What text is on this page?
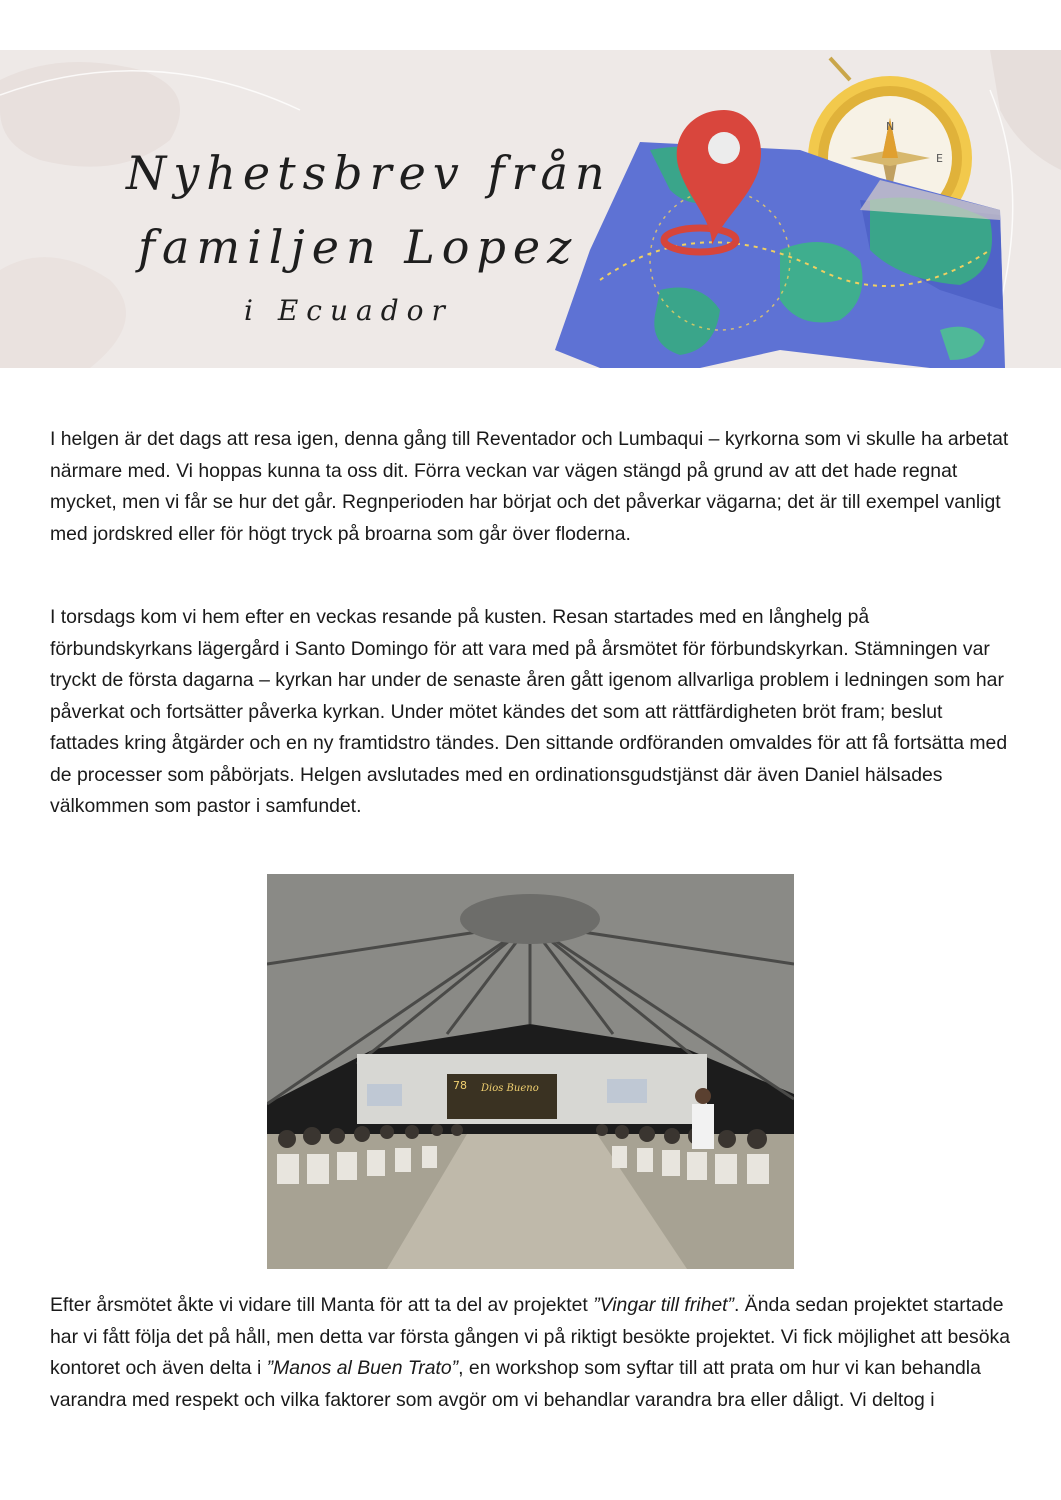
N
E
Nyhetsbrev från
familjen Lopez
i Ecuador

I helgen är det dags att resa igen, denna gång till Reventador och Lumbaqui – kyrkorna som vi skulle ha arbetat närmare med. Vi hoppas kunna ta oss dit. Förra veckan var vägen stängd på grund av att det hade regnat mycket, men vi får se hur det går. Regnperioden har börjat och det påverkar vägarna; det är till exempel vanligt med jordskred eller för högt tryck på broarna som går över floderna.

I torsdags kom vi hem efter en veckas resande på kusten. Resan startades med en långhelg på förbundskyrkans lägergård i Santo Domingo för att vara med på årsmötet för förbundskyrkan. Stämningen var tryckt de första dagarna – kyrkan har under de senaste åren gått igenom allvarliga problem i ledningen som har påverkat och fortsätter påverka kyrkan. Under mötet kändes det som att rättfärdigheten bröt fram; beslut fattades kring åtgärder och en ny framtidstro tändes. Den sittande ordföranden omvaldes för att få fortsätta med de processer som påbörjats. Helgen avslutades med en ordinationsgudstjänst där även Daniel hälsades välkommen som pastor i samfundet.

78 Dios Bueno

Efter årsmötet åkte vi vidare till Manta för att ta del av projektet ”Vingar till frihet”. Ända sedan projektet startade har vi fått följa det på håll, men detta var första gången vi på riktigt besökte projektet. Vi fick möjlighet att besöka kontoret och även delta i ”Manos al Buen Trato”, en workshop som syftar till att prata om hur vi kan behandla varandra med respekt och vilka faktorer som avgör om vi behandlar varandra bra eller dåligt. Vi deltog i
